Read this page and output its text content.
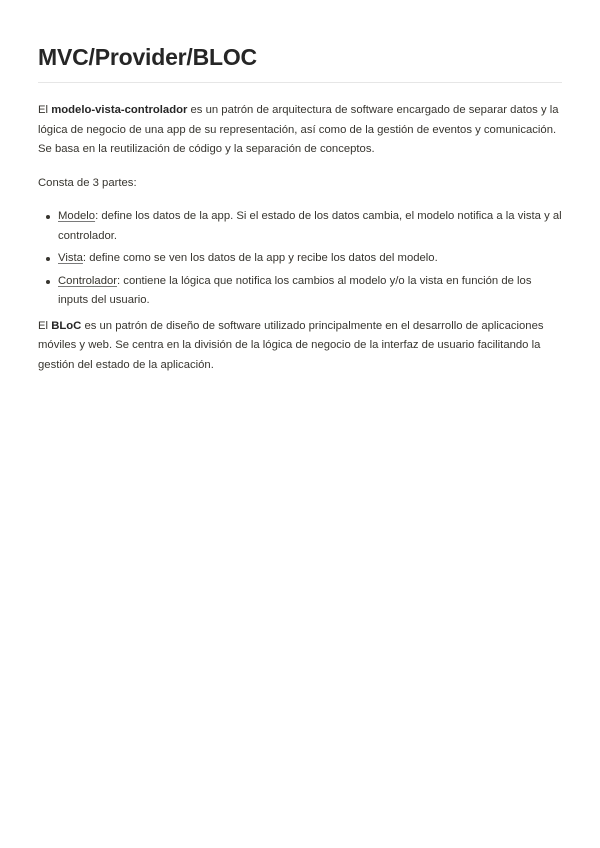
MVC/Provider/BLOC

El modelo-vista-controlador es un patrón de arquitectura de software encargado de separar datos y la lógica de negocio de una app de su representación, así como de la gestión de eventos y comunicación. Se basa en la reutilización de código y la separación de conceptos.

Consta de 3 partes:

Modelo: define los datos de la app. Si el estado de los datos cambia, el modelo notifica a la vista y al controlador.
Vista: define como se ven los datos de la app y recibe los datos del modelo.
Controlador: contiene la lógica que notifica los cambios al modelo y/o la vista en función de los inputs del usuario.

El BLoC es un patrón de diseño de software utilizado principalmente en el desarrollo de aplicaciones móviles y web. Se centra en la división de la lógica de negocio de la interfaz de usuario facilitando la gestión del estado de la aplicación.
